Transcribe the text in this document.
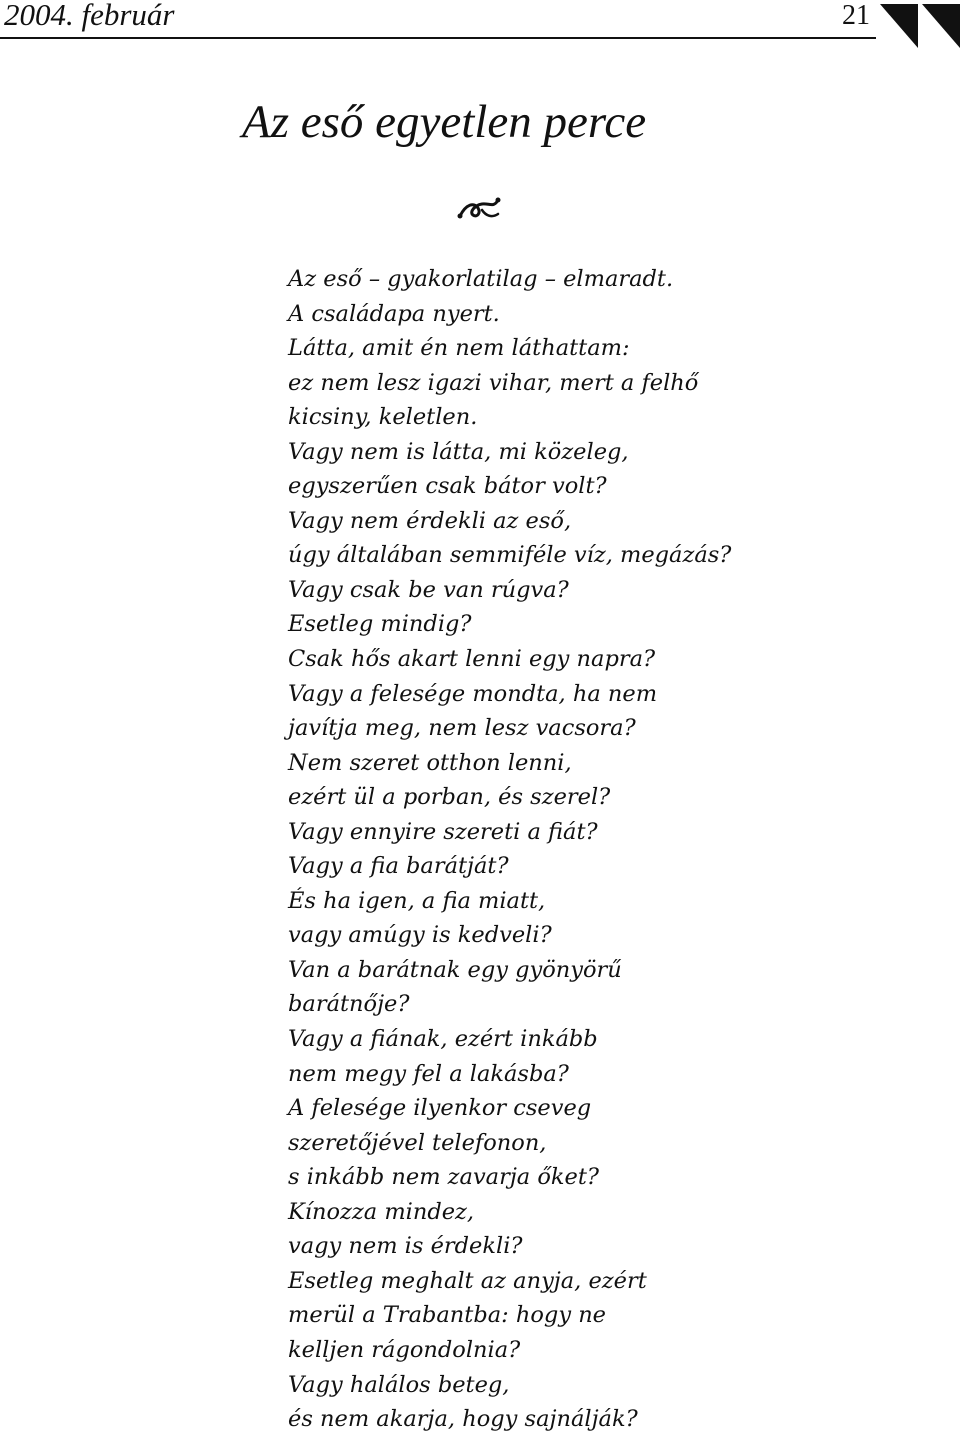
2004. február	21
Az eső egyetlen perce
Az eső – gyakorlatilag – elmaradt.
A családapa nyert.
Látta, amit én nem láthattam:
ez nem lesz igazi vihar, mert a felhő
kicsiny, keletlen.
Vagy nem is látta, mi közeleg,
egyszerűen csak bátor volt?
Vagy nem érdekli az eső,
úgy általában semmiféle víz, megázás?
Vagy csak be van rúgva?
Esetleg mindig?
Csak hős akart lenni egy napra?
Vagy a felesége mondta, ha nem
javítja meg, nem lesz vacsora?
Nem szeret otthon lenni,
ezért ül a porban, és szerel?
Vagy ennyire szereti a fiát?
Vagy a fia barátját?
És ha igen, a fia miatt,
vagy amúgy is kedveli?
Van a barátnak egy gyönyörű
barátnője?
Vagy a fiának, ezért inkább
nem megy fel a lakásba?
A felesége ilyenkor cseveg
szeretőjével telefonon,
s inkább nem zavarja őket?
Kínozza mindez,
vagy nem is érdekli?
Esetleg meghalt az anyja, ezért
merül a Trabantba: hogy ne
kelljen rágondolnia?
Vagy halálos beteg,
és nem akarja, hogy sajnálják?
